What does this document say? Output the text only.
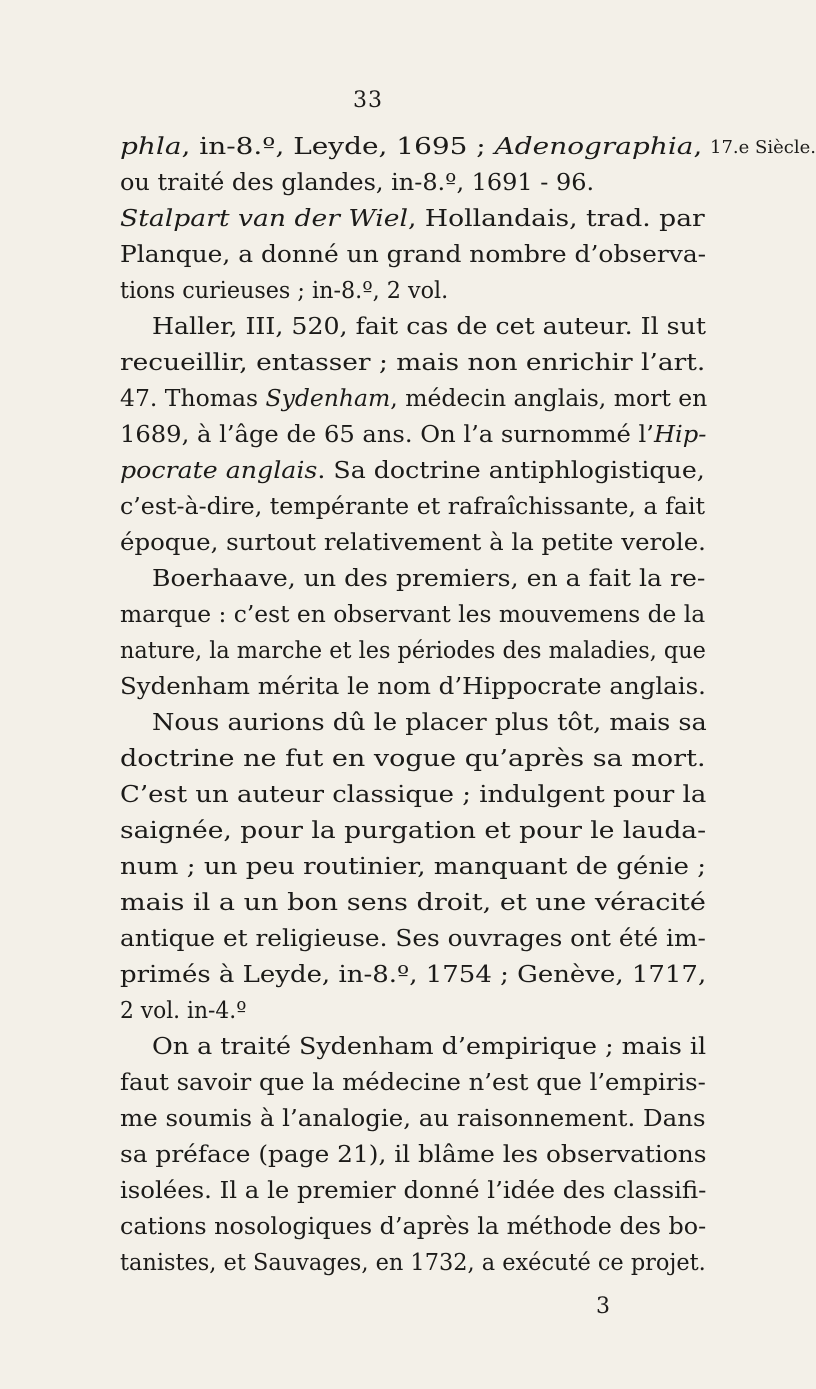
33
17.e Siècle.
phla, in-8.º, Leyde, 1695 ; Adenographia,
ou traité des glandes, in-8.º, 1691 - 96.
Stalpart van der Wiel, Hollandais, trad. par
Planque, a donné un grand nombre d’observa-
tions curieuses ; in-8.º, 2 vol.
Haller, III, 520, fait cas de cet auteur. Il sut
recueillir, entasser ; mais non enrichir l’art.
47. Thomas Sydenham, médecin anglais, mort en
1689, à l’âge de 65 ans. On l’a surnommé l’Hip-
pocrate anglais. Sa doctrine antiphlogistique,
c’est-à-dire, tempérante et rafraîchissante, a fait
époque, surtout relativement à la petite verole.
Boerhaave, un des premiers, en a fait la re-
marque : c’est en observant les mouvemens de la
nature, la marche et les périodes des maladies, que
Sydenham mérita le nom d’Hippocrate anglais.
Nous aurions dû le placer plus tôt, mais sa
doctrine ne fut en vogue qu’après sa mort.
C’est un auteur classique ; indulgent pour la
saignée, pour la purgation et pour le lauda-
num ; un peu routinier, manquant de génie ;
mais il a un bon sens droit, et une véracité
antique et religieuse. Ses ouvrages ont été im-
primés à Leyde, in-8.º, 1754 ; Genève, 1717,
2 vol. in-4.º
On a traité Sydenham d’empirique ; mais il
faut savoir que la médecine n’est que l’empiris-
me soumis à l’analogie, au raisonnement. Dans
sa préface (page 21), il blâme les observations
isolées. Il a le premier donné l’idée des classifi-
cations nosologiques d’après la méthode des bo-
tanistes, et Sauvages, en 1732, a exécuté ce projet.
3
